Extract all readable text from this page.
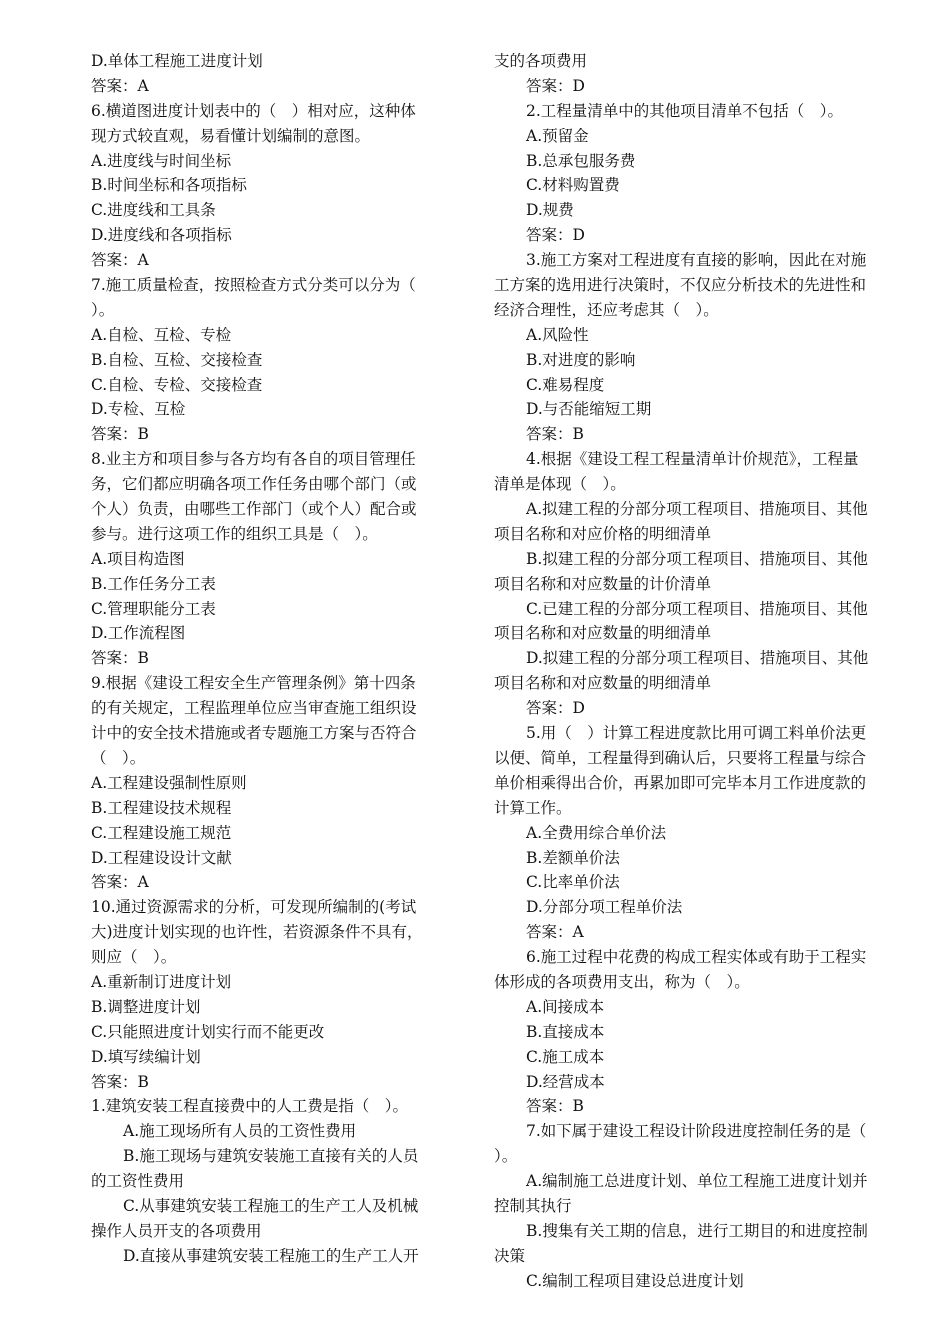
D.单体工程施工进度计划
答案：A
6.横道图进度计划表中的（　）相对应，这种体
现方式较直观，易看懂计划编制的意图。
A.进度线与时间坐标
B.时间坐标和各项指标
C.进度线和工具条
D.进度线和各项指标
答案：A
7.施工质量检查，按照检查方式分类可以分为（
）。
A.自检、互检、专检
B.自检、互检、交接检查
C.自检、专检、交接检查
D.专检、互检
答案：B
8.业主方和项目参与各方均有各自的项目管理任
务，它们都应明确各项工作任务由哪个部门（或
个人）负责，由哪些工作部门（或个人）配合或
参与。进行这项工作的组织工具是（　）。
A.项目构造图
B.工作任务分工表
C.管理职能分工表
D.工作流程图
答案：B
9.根据《建设工程安全生产管理条例》第十四条
的有关规定，工程监理单位应当审查施工组织设
计中的安全技术措施或者专题施工方案与否符合
（　）。
A.工程建设强制性原则
B.工程建设技术规程
C.工程建设施工规范
D.工程建设设计文献
答案：A
10.通过资源需求的分析，可发现所编制的(考试
大)进度计划实现的也许性，若资源条件不具有，
则应（　）。
A.重新制订进度计划
B.调整进度计划
C.只能照进度计划实行而不能更改
D.填写续编计划
答案：B
1.建筑安装工程直接费中的人工费是指（　）。
A.施工现场所有人员的工资性费用
B.施工现场与建筑安装施工直接有关的人员
的工资性费用
C.从事建筑安装工程施工的生产工人及机械
操作人员开支的各项费用
D.直接从事建筑安装工程施工的生产工人开
支的各项费用
答案：D
2.工程量清单中的其他项目清单不包括（　）。
A.预留金
B.总承包服务费
C.材料购置费
D.规费
答案：D
3.施工方案对工程进度有直接的影响，因此在对施
工方案的选用进行决策时，不仅应分析技术的先进性和
经济合理性，还应考虑其（　）。
A.风险性
B.对进度的影响
C.难易程度
D.与否能缩短工期
答案：B
4.根据《建设工程工程量清单计价规范》，工程量
清单是体现（　）。
A.拟建工程的分部分项工程项目、措施项目、其他
项目名称和对应价格的明细清单
B.拟建工程的分部分项工程项目、措施项目、其他
项目名称和对应数量的计价清单
C.已建工程的分部分项工程项目、措施项目、其他
项目名称和对应数量的明细清单
D.拟建工程的分部分项工程项目、措施项目、其他
项目名称和对应数量的明细清单
答案：D
5.用（　）计算工程进度款比用可调工料单价法更
以便、简单，工程量得到确认后，只要将工程量与综合
单价相乘得出合价，再累加即可完毕本月工作进度款的
计算工作。
A.全费用综合单价法
B.差额单价法
C.比率单价法
D.分部分项工程单价法
答案：A
6.施工过程中花费的构成工程实体或有助于工程实
体形成的各项费用支出，称为（　）。
A.间接成本
B.直接成本
C.施工成本
D.经营成本
答案：B
7.如下属于建设工程设计阶段进度控制任务的是（
）。
A.编制施工总进度计划、单位工程施工进度计划并
控制其执行
B.搜集有关工期的信息，进行工期目的和进度控制
决策
C.编制工程项目建设总进度计划
